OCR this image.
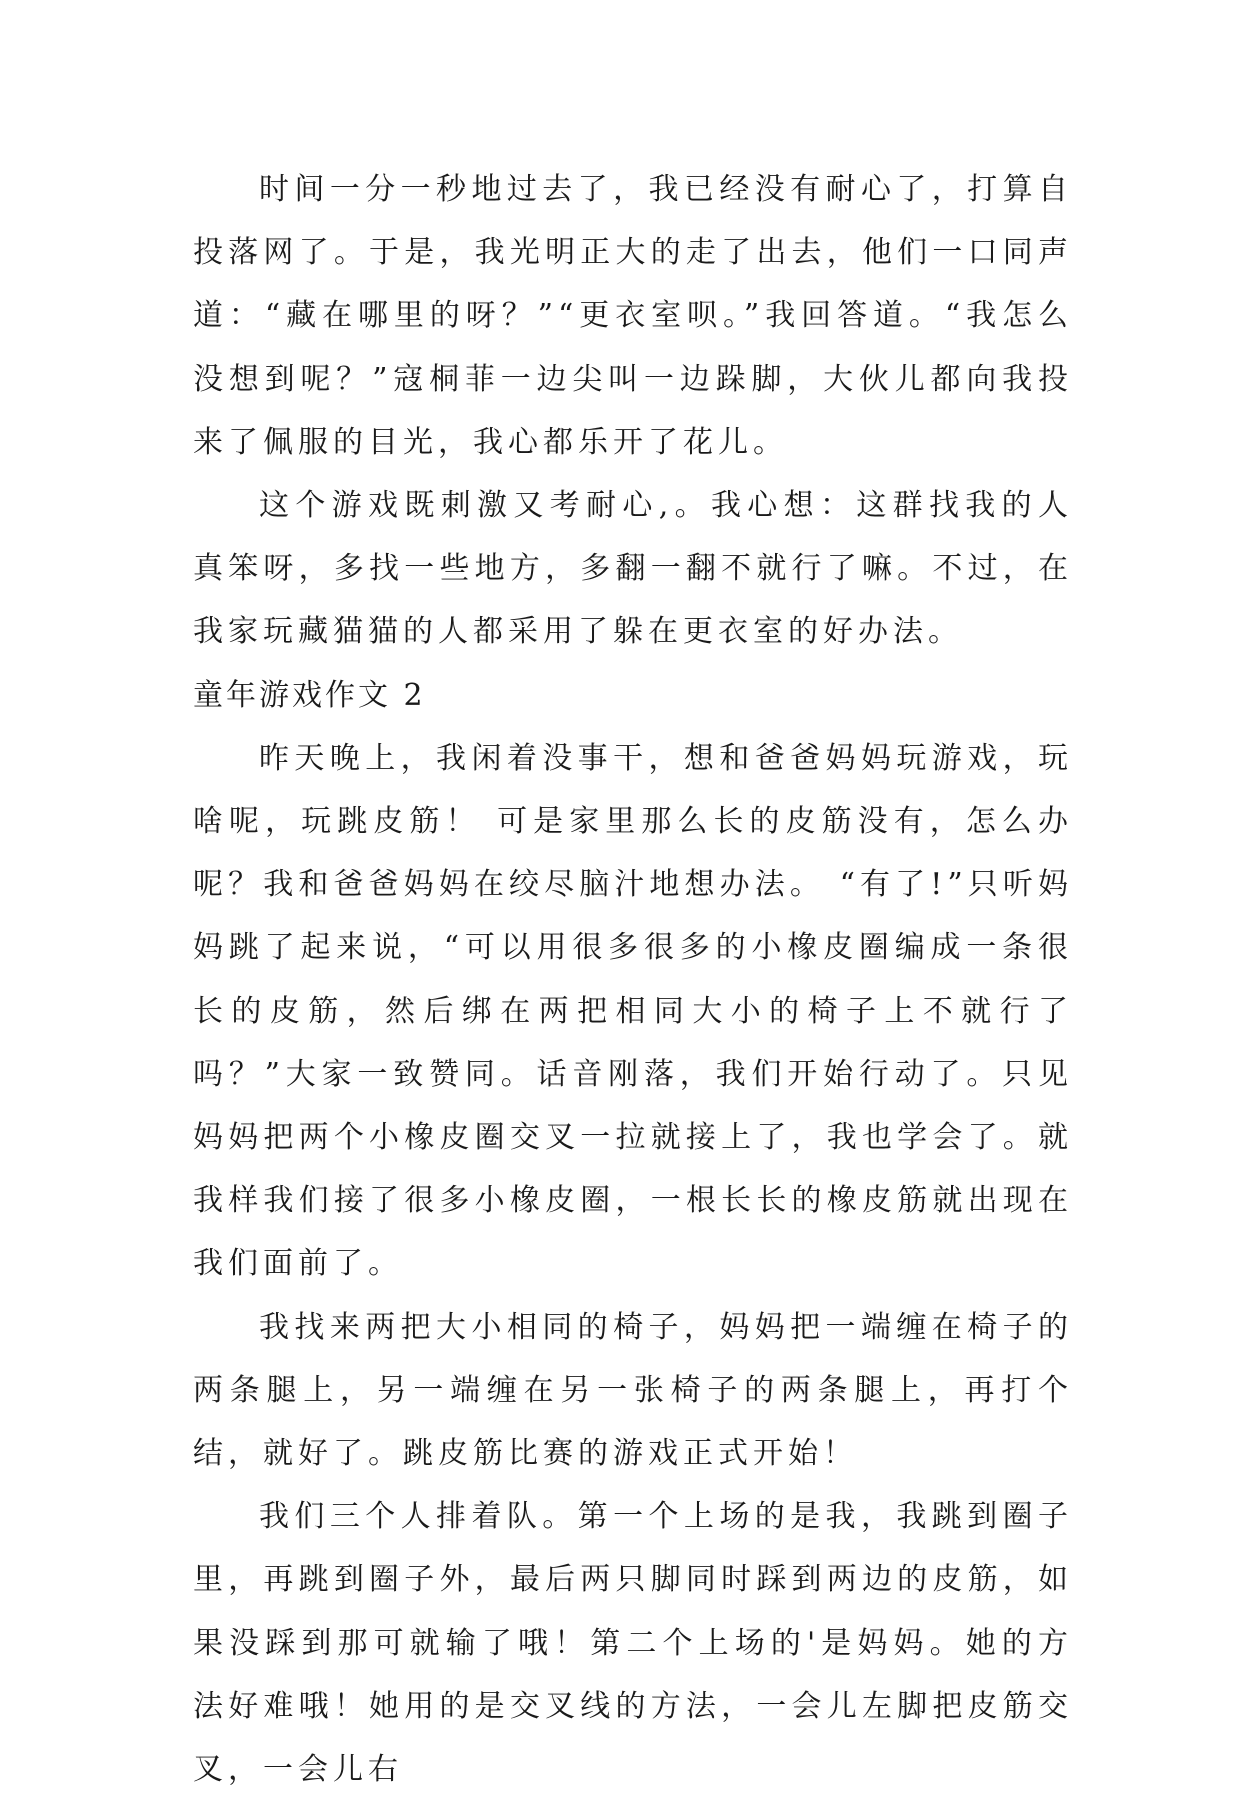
时间一分一秒地过去了，我已经没有耐心了，打算自投落网了。于是，我光明正大的走了出去，他们一口同声道：“藏在哪里的呀？”“更衣室呗。”我回答道。“我怎么没想到呢？”寇桐菲一边尖叫一边跺脚，大伙儿都向我投来了佩服的目光，我心都乐开了花儿。

这个游戏既刺激又考耐心,。我心想：这群找我的人真笨呀，多找一些地方，多翻一翻不就行了嘛。不过，在我家玩藏猫猫的人都采用了躲在更衣室的好办法。

童年游戏作文 2

昨天晚上，我闲着没事干，想和爸爸妈妈玩游戏，玩啥呢，玩跳皮筋！ 可是家里那么长的皮筋没有，怎么办呢？我和爸爸妈妈在绞尽脑汁地想办法。 “有了!”只听妈妈跳了起来说，“可以用很多很多的小橡皮圈编成一条很长的皮筋，然后绑在两把相同大小的椅子上不就行了吗？”大家一致赞同。话音刚落，我们开始行动了。只见妈妈把两个小橡皮圈交叉一拉就接上了，我也学会了。就我样我们接了很多小橡皮圈，一根长长的橡皮筋就出现在我们面前了。

我找来两把大小相同的椅子，妈妈把一端缠在椅子的两条腿上，另一端缠在另一张椅子的两条腿上，再打个结，就好了。跳皮筋比赛的游戏正式开始！

我们三个人排着队。第一个上场的是我，我跳到圈子里，再跳到圈子外，最后两只脚同时踩到两边的皮筋，如果没踩到那可就输了哦！第二个上场的'是妈妈。她的方法好难哦！她用的是交叉线的方法，一会儿左脚把皮筋交叉，一会儿右
